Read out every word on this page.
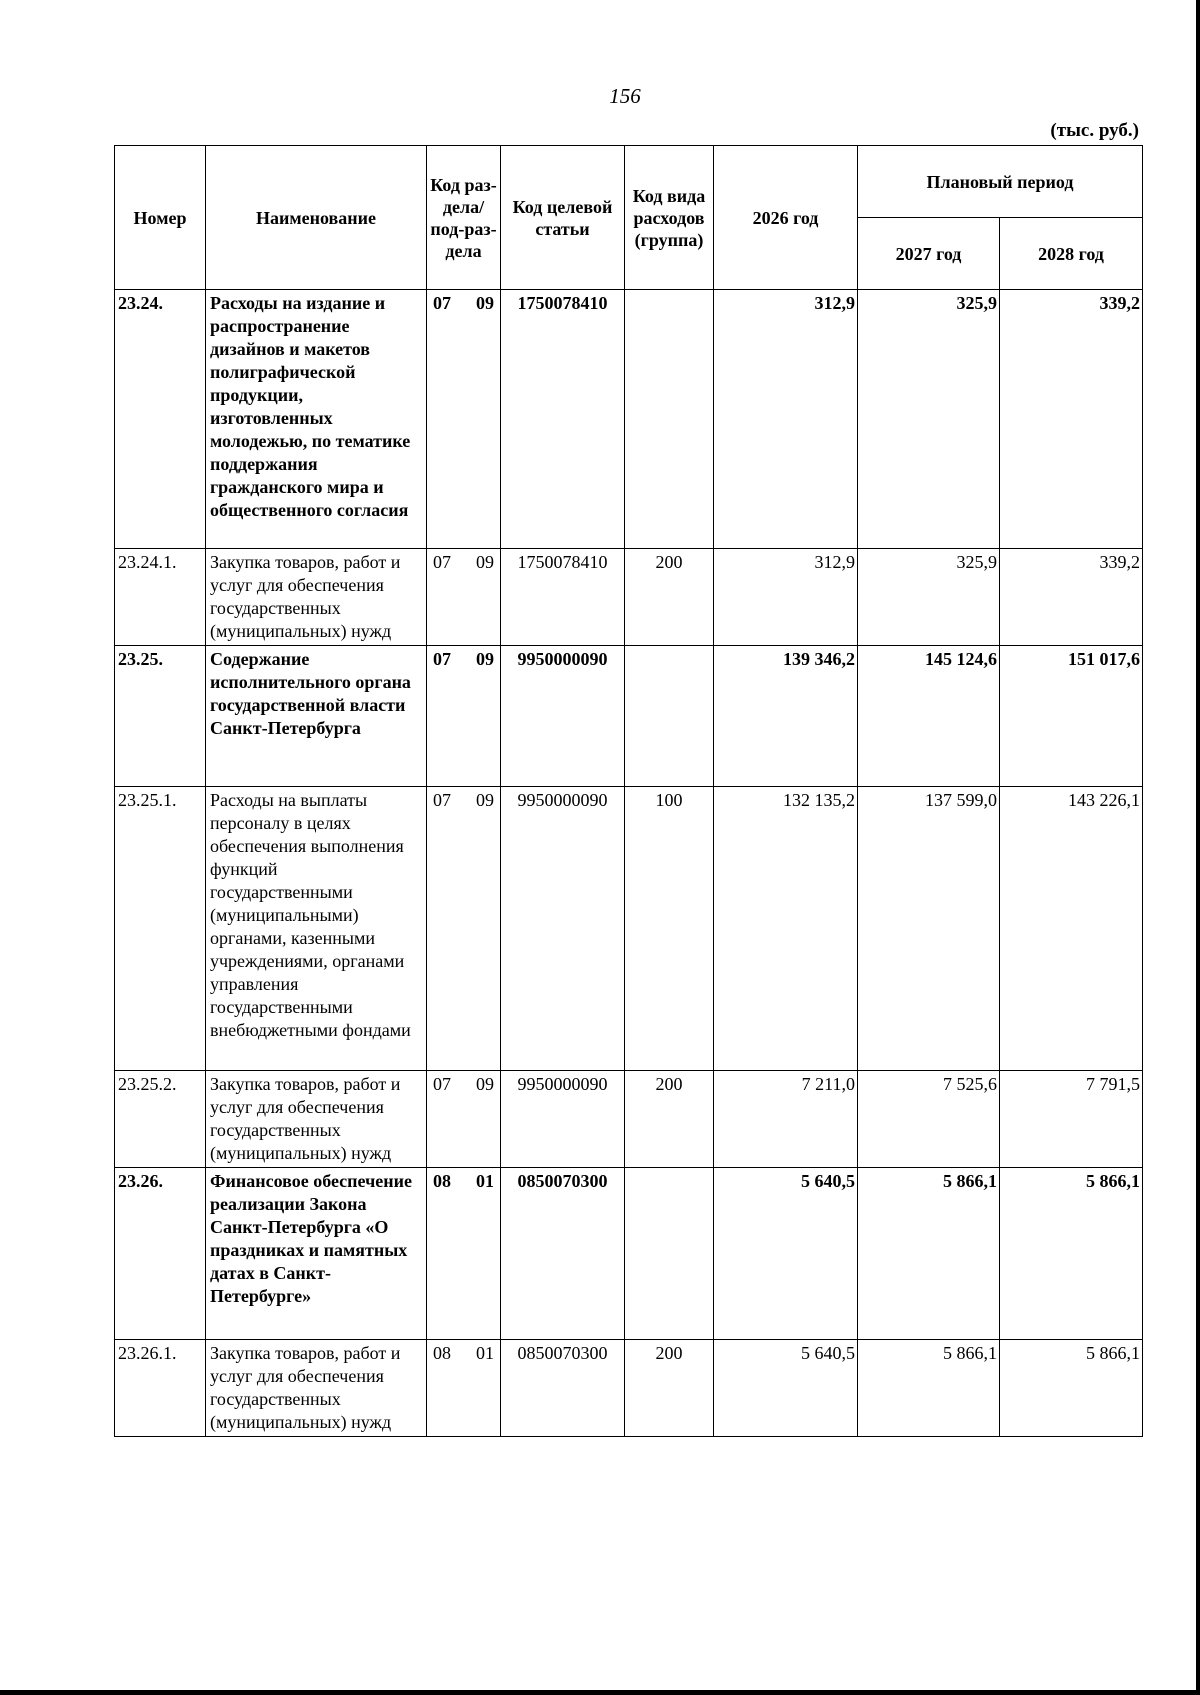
156
(тыс. руб.)
Номер	Наименование	Код раз-дела/ под-раз-дела	Код целевой статьи	Код вида расходов (группа)	2026 год	Плановый период	
						2027 год	2028 год
23.24.	Расходы на издание и распространение дизайнов и макетов полиграфической продукции, изготовленных молодежью, по тематике поддержания гражданского мира и общественного согласия	07 09	1750078410		312,9	325,9	339,2
23.24.1.	Закупка товаров, работ и услуг для обеспечения государственных (муниципальных) нужд	07 09	1750078410	200	312,9	325,9	339,2
23.25.	Содержание исполнительного органа государственной власти Санкт-Петербурга	07 09	9950000090		139 346,2	145 124,6	151 017,6
23.25.1.	Расходы на выплаты персоналу в целях обеспечения выполнения функций государственными (муниципальными) органами, казенными учреждениями, органами управления государственными внебюджетными фондами	07 09	9950000090	100	132 135,2	137 599,0	143 226,1
23.25.2.	Закупка товаров, работ и услуг для обеспечения государственных (муниципальных) нужд	07 09	9950000090	200	7 211,0	7 525,6	7 791,5
23.26.	Финансовое обеспечение реализации Закона Санкт-Петербурга «О праздниках и памятных датах в Санкт-Петербурге»	08 01	0850070300		5 640,5	5 866,1	5 866,1
23.26.1.	Закупка товаров, работ и услуг для обеспечения государственных (муниципальных) нужд	08 01	0850070300	200	5 640,5	5 866,1	5 866,1
